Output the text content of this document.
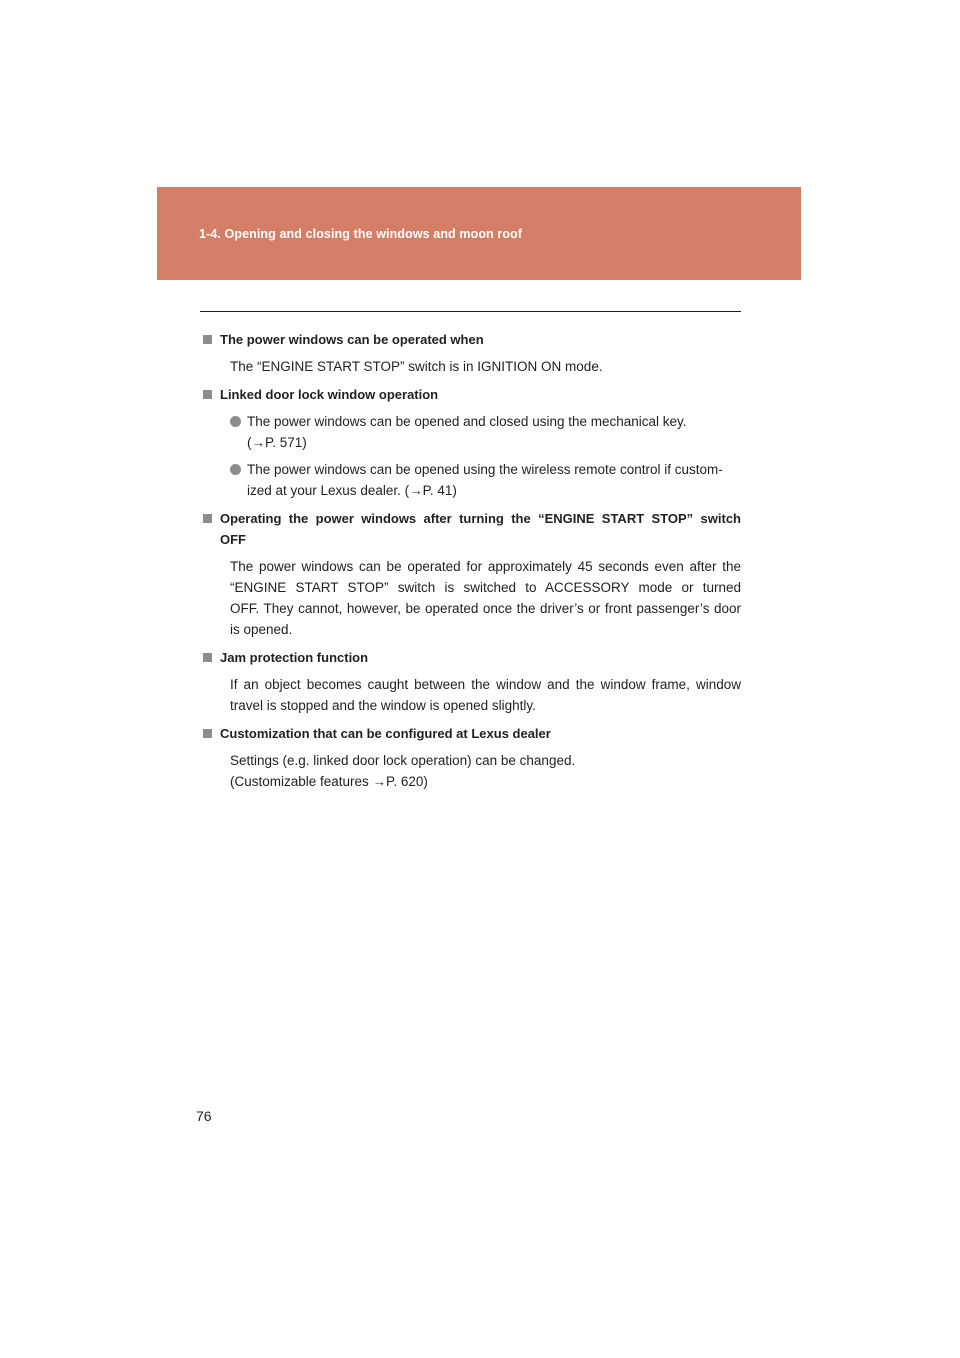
1-4. Opening and closing the windows and moon roof
The power windows can be operated when
The “ENGINE START STOP” switch is in IGNITION ON mode.
Linked door lock window operation
The power windows can be opened and closed using the mechanical key.
(→P. 571)
The power windows can be opened using the wireless remote control if custom-
ized at your Lexus dealer. (→P. 41)
Operating the power windows after turning the “ENGINE START STOP” switch
OFF
The power windows can be operated for approximately 45 seconds even after the
“ENGINE START STOP” switch is switched to ACCESSORY mode or turned
OFF. They cannot, however, be operated once the driver’s or front passenger’s door
is opened.
Jam protection function
If an object becomes caught between the window and the window frame, window
travel is stopped and the window is opened slightly.
Customization that can be configured at Lexus dealer
Settings (e.g. linked door lock operation) can be changed.
(Customizable features →P. 620)
76
